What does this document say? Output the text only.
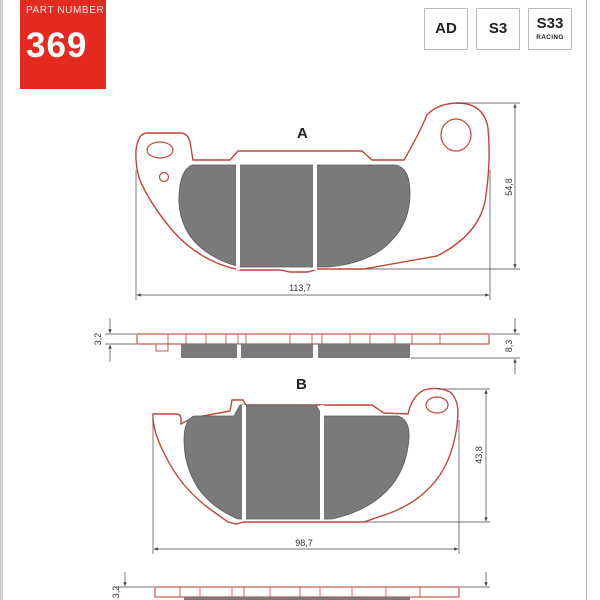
PART NUMBER
369	AD	S3	S33
RACING
A
113,7
54,8
3,2
8,3
B
98,7
43,8
3,2
